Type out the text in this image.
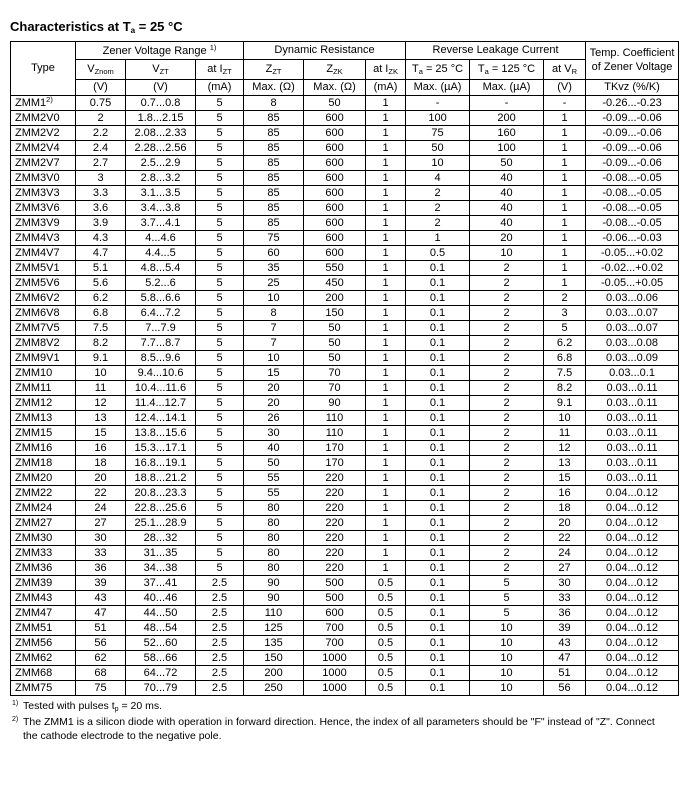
Characteristics at $T_a = 25$ °C
Type	Zener Voltage Range $^{1)}$			Dynamic Resistance			Reverse Leakage Current			Temp. Coefficient of Zener Voltage
	$V_{Znom}$	$V_{ZT}$	at $I_{ZT}$	$Z_{ZT}$	$Z_{ZK}$	at $I_{ZK}$	$T_a = 25$ °C	$T_a = 125$ °C	at $V_R$
	(V)	(V)	(mA)	Max. (Ω)	Max. (Ω)	(mA)	Max. (µA)	Max. (µA)	(V)	TKvz (%/K)
ZMM1$^{2)}$	0.75	0.7...0.8	5	8	50	1	-	-	-	-0.26...-0.23
ZMM2V0	2	1.8...2.15	5	85	600	1	100	200	1	-0.09...-0.06
ZMM2V2	2.2	2.08...2.33	5	85	600	1	75	160	1	-0.09...-0.06
ZMM2V4	2.4	2.28...2.56	5	85	600	1	50	100	1	-0.09...-0.06
ZMM2V7	2.7	2.5...2.9	5	85	600	1	10	50	1	-0.09...-0.06
ZMM3V0	3	2.8...3.2	5	85	600	1	4	40	1	-0.08...-0.05
ZMM3V3	3.3	3.1...3.5	5	85	600	1	2	40	1	-0.08...-0.05
ZMM3V6	3.6	3.4...3.8	5	85	600	1	2	40	1	-0.08...-0.05
ZMM3V9	3.9	3.7...4.1	5	85	600	1	2	40	1	-0.08...-0.05
ZMM4V3	4.3	4...4.6	5	75	600	1	1	20	1	-0.06...-0.03
ZMM4V7	4.7	4.4...5	5	60	600	1	0.5	10	1	-0.05...+0.02
ZMM5V1	5.1	4.8...5.4	5	35	550	1	0.1	2	1	-0.02...+0.02
ZMM5V6	5.6	5.2...6	5	25	450	1	0.1	2	1	-0.05...+0.05
ZMM6V2	6.2	5.8...6.6	5	10	200	1	0.1	2	2	0.03...0.06
ZMM6V8	6.8	6.4...7.2	5	8	150	1	0.1	2	3	0.03...0.07
ZMM7V5	7.5	7...7.9	5	7	50	1	0.1	2	5	0.03...0.07
ZMM8V2	8.2	7.7...8.7	5	7	50	1	0.1	2	6.2	0.03...0.08
ZMM9V1	9.1	8.5...9.6	5	10	50	1	0.1	2	6.8	0.03...0.09
ZMM10	10	9.4...10.6	5	15	70	1	0.1	2	7.5	0.03...0.1
ZMM11	11	10.4...11.6	5	20	70	1	0.1	2	8.2	0.03...0.11
ZMM12	12	11.4...12.7	5	20	90	1	0.1	2	9.1	0.03...0.11
ZMM13	13	12.4...14.1	5	26	110	1	0.1	2	10	0.03...0.11
ZMM15	15	13.8...15.6	5	30	110	1	0.1	2	11	0.03...0.11
ZMM16	16	15.3...17.1	5	40	170	1	0.1	2	12	0.03...0.11
ZMM18	18	16.8...19.1	5	50	170	1	0.1	2	13	0.03...0.11
ZMM20	20	18.8...21.2	5	55	220	1	0.1	2	15	0.03...0.11
ZMM22	22	20.8...23.3	5	55	220	1	0.1	2	16	0.04...0.12
ZMM24	24	22.8...25.6	5	80	220	1	0.1	2	18	0.04...0.12
ZMM27	27	25.1...28.9	5	80	220	1	0.1	2	20	0.04...0.12
ZMM30	30	28...32	5	80	220	1	0.1	2	22	0.04...0.12
ZMM33	33	31...35	5	80	220	1	0.1	2	24	0.04...0.12
ZMM36	36	34...38	5	80	220	1	0.1	2	27	0.04...0.12
ZMM39	39	37...41	2.5	90	500	0.5	0.1	5	30	0.04...0.12
ZMM43	43	40...46	2.5	90	500	0.5	0.1	5	33	0.04...0.12
ZMM47	47	44...50	2.5	110	600	0.5	0.1	5	36	0.04...0.12
ZMM51	51	48...54	2.5	125	700	0.5	0.1	10	39	0.04...0.12
ZMM56	56	52...60	2.5	135	700	0.5	0.1	10	43	0.04...0.12
ZMM62	62	58...66	2.5	150	1000	0.5	0.1	10	47	0.04...0.12
ZMM68	68	64...72	2.5	200	1000	0.5	0.1	10	51	0.04...0.12
ZMM75	75	70...79	2.5	250	1000	0.5	0.1	10	56	0.04...0.12
1) Tested with pulses $t_p = 20$ ms.
2) The ZMM1 is a silicon diode with operation in forward direction. Hence, the index of all parameters should be "F" instead of "Z". Connect the cathode electrode to the negative pole.
